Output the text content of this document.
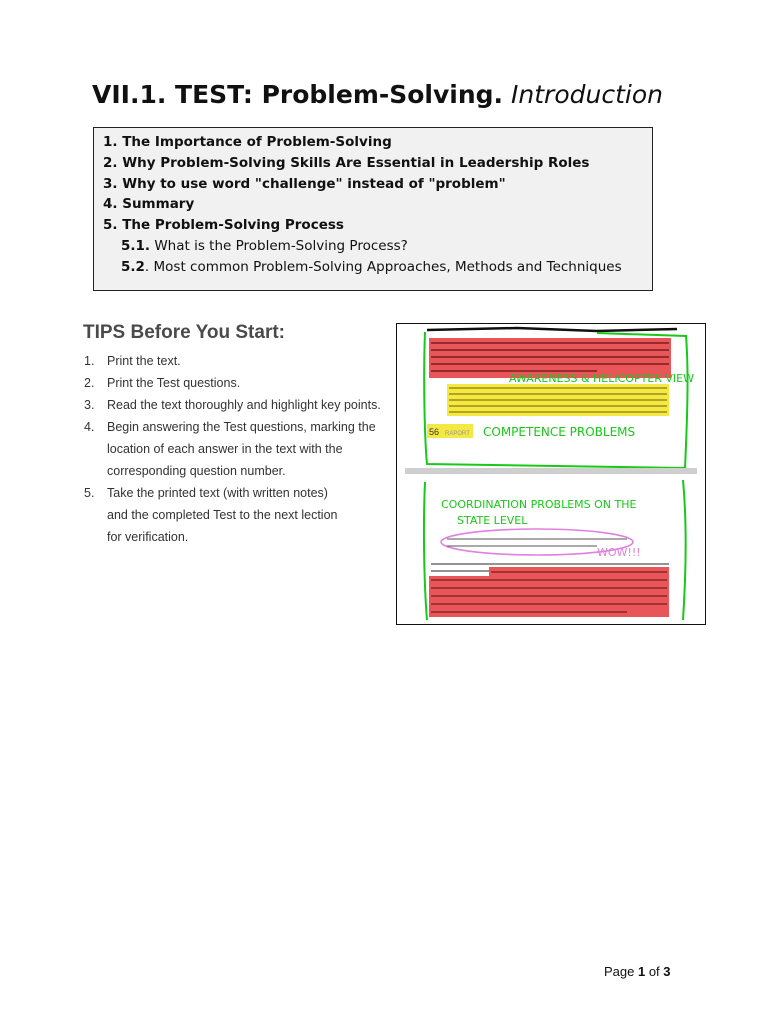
VII.1. TEST: Problem-Solving. Introduction
1. The Importance of Problem-Solving
2. Why Problem-Solving Skills Are Essential in Leadership Roles
3. Why to use word "challenge" instead of "problem"
4. Summary
5. The Problem-Solving Process
5.1. What is the Problem-Solving Process?
5.2. Most common Problem-Solving Approaches, Methods and Techniques
TIPS Before You Start:
1. Print the text.
2. Print the Test questions.
3. Read the text thoroughly and highlight key points.
4. Begin answering the Test questions, marking the
location of each answer in the text with the
corresponding question number.
5. Take the printed text (with written notes)
and the completed Test to the next lection
for verification.
AWARENESS & HELICOPTER VIEW
56 RAPORT COMPETENCE PROBLEMS
COORDINATION PROBLEMS ON THE
STATE LEVEL
WOW!!!
Page 1 of 3
